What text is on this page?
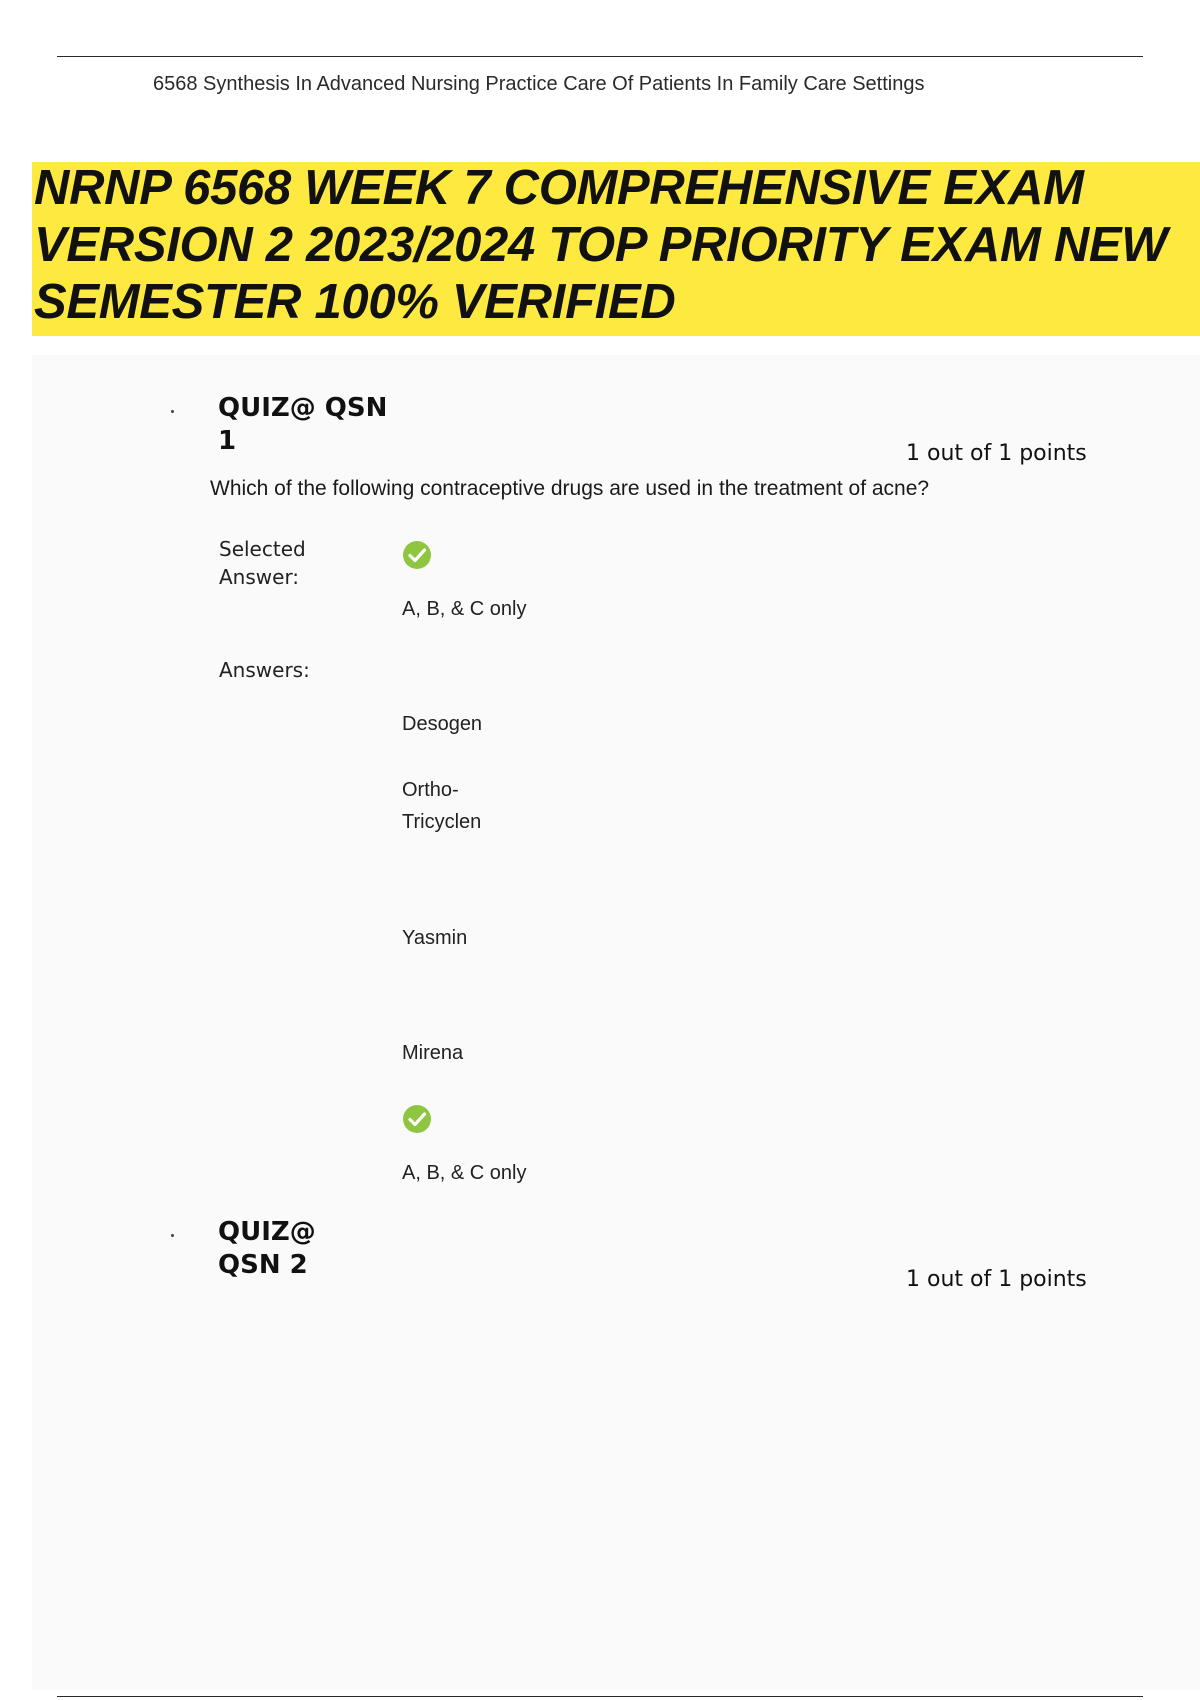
6568 Synthesis In Advanced Nursing Practice Care Of Patients In Family Care Settings
NRNP 6568 WEEK 7 COMPREHENSIVE EXAM
VERSION 2 2023/2024 TOP PRIORITY EXAM NEW
SEMESTER 100% VERIFIED
QUIZ@ QSN
1	1 out of 1 points
Which of the following contraceptive drugs are used in the treatment of acne?
Selected
Answer:
A, B, & C only
Answers:
Desogen
Ortho-
Tricyclen
Yasmin
Mirena
A, B, & C only
QUIZ@
QSN 2	1 out of 1 points
